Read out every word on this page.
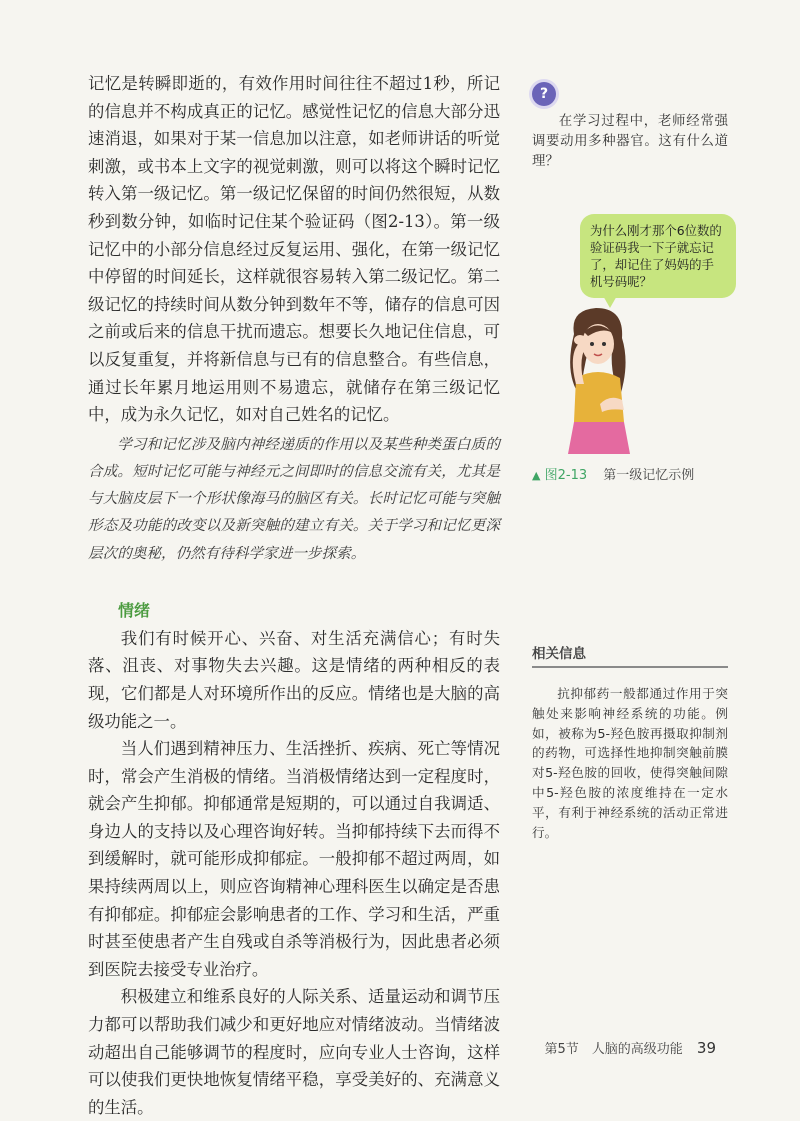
记忆是转瞬即逝的，有效作用时间往往不超过1秒，所记的信息并不构成真正的记忆。感觉性记忆的信息大部分迅速消退，如果对于某一信息加以注意，如老师讲话的听觉刺激，或书本上文字的视觉刺激，则可以将这个瞬时记忆转入第一级记忆。第一级记忆保留的时间仍然很短，从数秒到数分钟，如临时记住某个验证码（图2-13）。第一级记忆中的小部分信息经过反复运用、强化，在第一级记忆中停留的时间延长，这样就很容易转入第二级记忆。第二级记忆的持续时间从数分钟到数年不等，储存的信息可因之前或后来的信息干扰而遗忘。想要长久地记住信息，可以反复重复，并将新信息与已有的信息整合。有些信息，通过长年累月地运用则不易遗忘，就储存在第三级记忆中，成为永久记忆，如对自己姓名的记忆。

学习和记忆涉及脑内神经递质的作用以及某些种类蛋白质的合成。短时记忆可能与神经元之间即时的信息交流有关，尤其是与大脑皮层下一个形状像海马的脑区有关。长时记忆可能与突触形态及功能的改变以及新突触的建立有关。关于学习和记忆更深层次的奥秘，仍然有待科学家进一步探索。

情绪

我们有时候开心、兴奋、对生活充满信心；有时失落、沮丧、对事物失去兴趣。这是情绪的两种相反的表现，它们都是人对环境所作出的反应。情绪也是大脑的高级功能之一。

当人们遇到精神压力、生活挫折、疾病、死亡等情况时，常会产生消极的情绪。当消极情绪达到一定程度时，就会产生抑郁。抑郁通常是短期的，可以通过自我调适、身边人的支持以及心理咨询好转。当抑郁持续下去而得不到缓解时，就可能形成抑郁症。一般抑郁不超过两周，如果持续两周以上，则应咨询精神心理科医生以确定是否患有抑郁症。抑郁症会影响患者的工作、学习和生活，严重时甚至使患者产生自残或自杀等消极行为，因此患者必须到医院去接受专业治疗。

积极建立和维系良好的人际关系、适量运动和调节压力都可以帮助我们减少和更好地应对情绪波动。当情绪波动超出自己能够调节的程度时，应向专业人士咨询，这样可以使我们更快地恢复情绪平稳，享受美好的、充满意义的生活。

?

在学习过程中，老师经常强调要动用多种器官。这有什么道理？

为什么刚才那个6位数的验证码我一下子就忘记了，却记住了妈妈的手机号码呢？
▲ 图2-13 第一级记忆示例
相关信息

抗抑郁药一般都通过作用于突触处来影响神经系统的功能。例如，被称为5-羟色胺再摄取抑制剂的药物，可选择性地抑制突触前膜对5-羟色胺的回收，使得突触间隙中5-羟色胺的浓度维持在一定水平，有利于神经系统的活动正常进行。

第5节　人脑的高级功能 39
